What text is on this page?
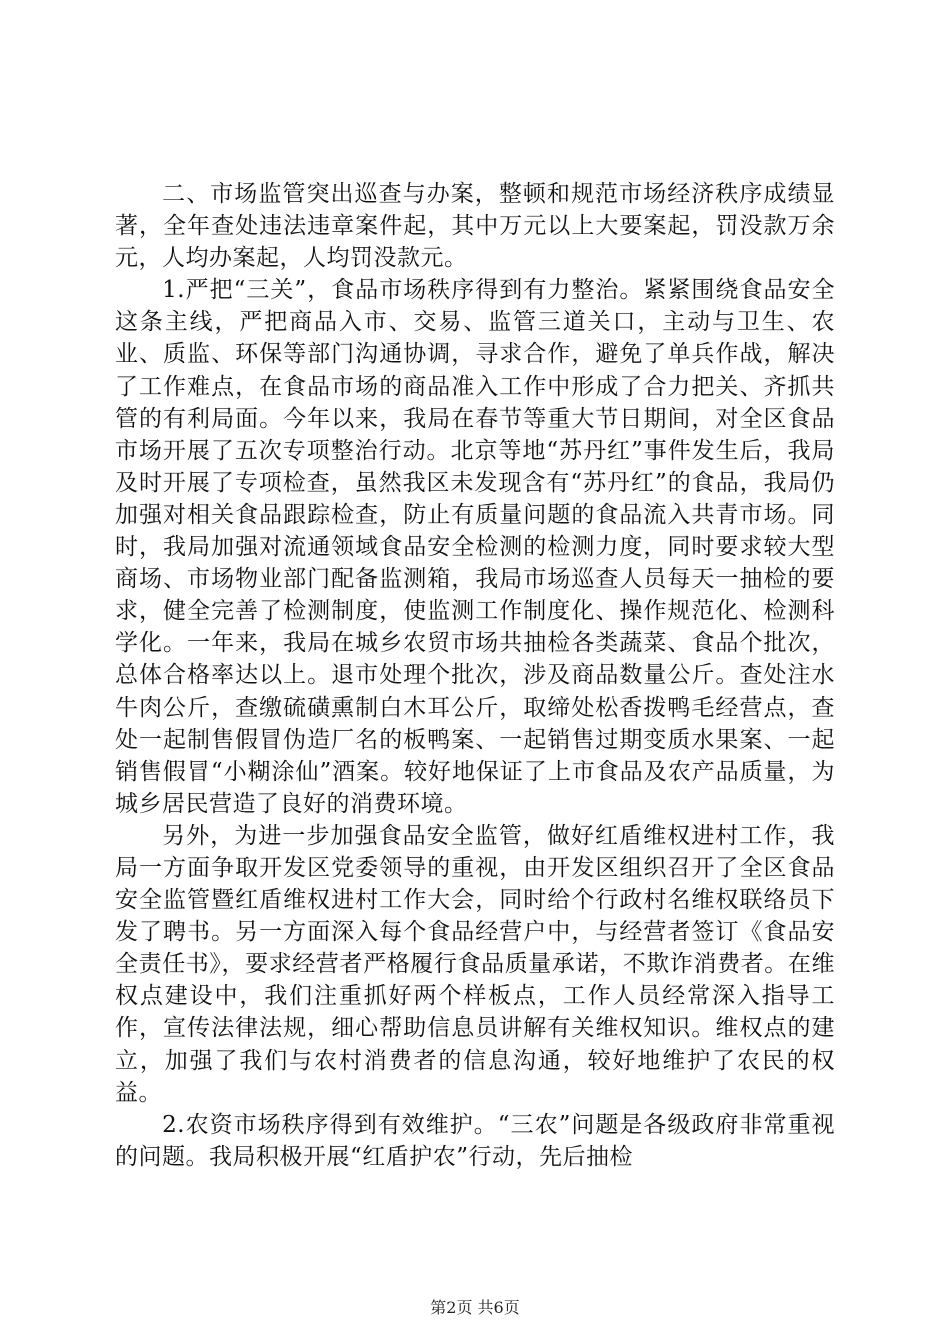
二、市场监管突出巡查与办案，整顿和规范市场经济秩序成绩显著，全年查处违法违章案件起，其中万元以上大要案起，罚没款万余元，人均办案起，人均罚没款元。

1.严把“三关”，食品市场秩序得到有力整治。紧紧围绕食品安全这条主线，严把商品入市、交易、监管三道关口，主动与卫生、农业、质监、环保等部门沟通协调，寻求合作，避免了单兵作战，解决了工作难点，在食品市场的商品准入工作中形成了合力把关、齐抓共管的有利局面。今年以来，我局在春节等重大节日期间，对全区食品市场开展了五次专项整治行动。北京等地“苏丹红”事件发生后，我局及时开展了专项检查，虽然我区未发现含有“苏丹红”的食品，我局仍加强对相关食品跟踪检查，防止有质量问题的食品流入共青市场。同时，我局加强对流通领域食品安全检测的检测力度，同时要求较大型商场、市场物业部门配备监测箱，我局市场巡查人员每天一抽检的要求，健全完善了检测制度，使监测工作制度化、操作规范化、检测科学化。一年来，我局在城乡农贸市场共抽检各类蔬菜、食品个批次，总体合格率达以上。退市处理个批次，涉及商品数量公斤。查处注水牛肉公斤，查缴硫磺熏制白木耳公斤，取缔处松香拨鸭毛经营点，查处一起制售假冒伪造厂名的板鸭案、一起销售过期变质水果案、一起销售假冒“小糊涂仙”酒案。较好地保证了上市食品及农产品质量，为城乡居民营造了良好的消费环境。

另外，为进一步加强食品安全监管，做好红盾维权进村工作，我局一方面争取开发区党委领导的重视，由开发区组织召开了全区食品安全监管暨红盾维权进村工作大会，同时给个行政村名维权联络员下发了聘书。另一方面深入每个食品经营户中，与经营者签订《食品安全责任书》，要求经营者严格履行食品质量承诺，不欺诈消费者。在维权点建设中，我们注重抓好两个样板点，工作人员经常深入指导工作，宣传法律法规，细心帮助信息员讲解有关维权知识。维权点的建立，加强了我们与农村消费者的信息沟通，较好地维护了农民的权益。

2.农资市场秩序得到有效维护。“三农”问题是各级政府非常重视的问题。我局积极开展“红盾护农”行动，先后抽检

第2页 共6页
